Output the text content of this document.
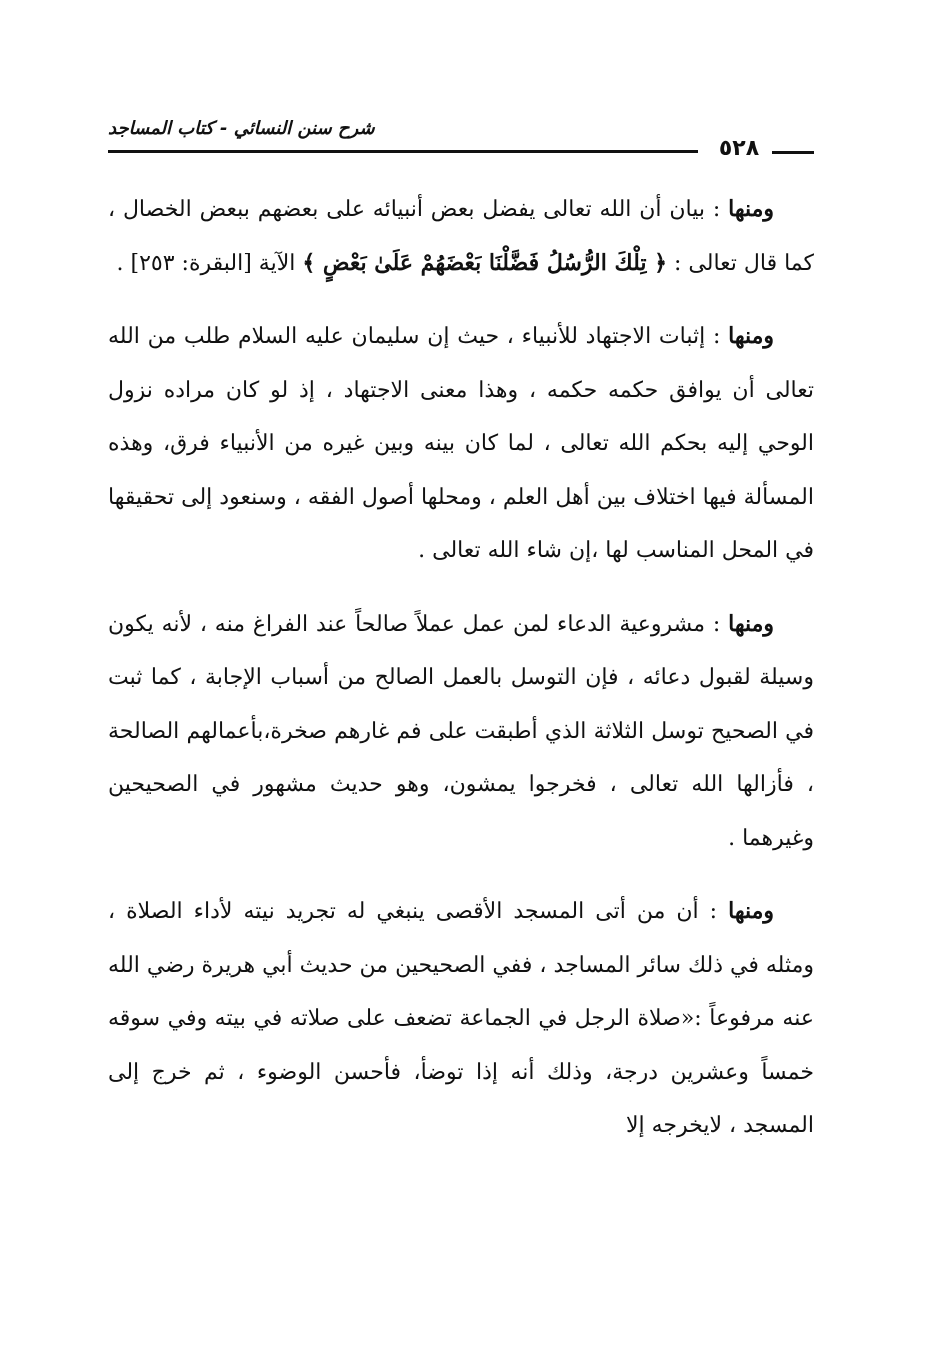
شرح سنن النسائي - كتاب المساجد
٥٢٨

ومنها : بيان أن الله تعالى يفضل بعض أنبيائه على بعضهم ببعض الخصال ، كما قال تعالى : ﴿ تِلْكَ الرُّسُلُ فَضَّلْنَا بَعْضَهُمْ عَلَىٰ بَعْضٍ ﴾ الآية [البقرة: ٢٥٣] .

ومنها : إثبات الاجتهاد للأنبياء ، حيث إن سليمان عليه السلام طلب من الله تعالى أن يوافق حكمه حكمه ، وهذا معنى الاجتهاد ، إذ لو كان مراده نزول الوحي إليه بحكم الله تعالى ، لما كان بينه وبين غيره من الأنبياء فرق، وهذه المسألة فيها اختلاف بين أهل العلم ، ومحلها أصول الفقه ، وسنعود إلى تحقيقها في المحل المناسب لها ،إن شاء الله تعالى .

ومنها : مشروعية الدعاء لمن عمل عملاً صالحاً عند الفراغ منه ، لأنه يكون وسيلة لقبول دعائه ، فإن التوسل بالعمل الصالح من أسباب الإجابة ، كما ثبت في الصحيح توسل الثلاثة الذي أطبقت على فم غارهم صخرة،بأعمالهم الصالحة ، فأزالها الله تعالى ، فخرجوا يمشون، وهو حديث مشهور في الصحيحين وغيرهما .

ومنها : أن من أتى المسجد الأقصى ينبغي له تجريد نيته لأداء الصلاة ، ومثله في ذلك سائر المساجد ، ففي الصحيحين من حديث أبي هريرة رضي الله عنه مرفوعاً :«صلاة الرجل في الجماعة تضعف على صلاته في بيته وفي سوقه خمساً وعشرين درجة، وذلك أنه إذا توضأ، فأحسن الوضوء ، ثم خرج إلى المسجد ، لايخرجه إلا
